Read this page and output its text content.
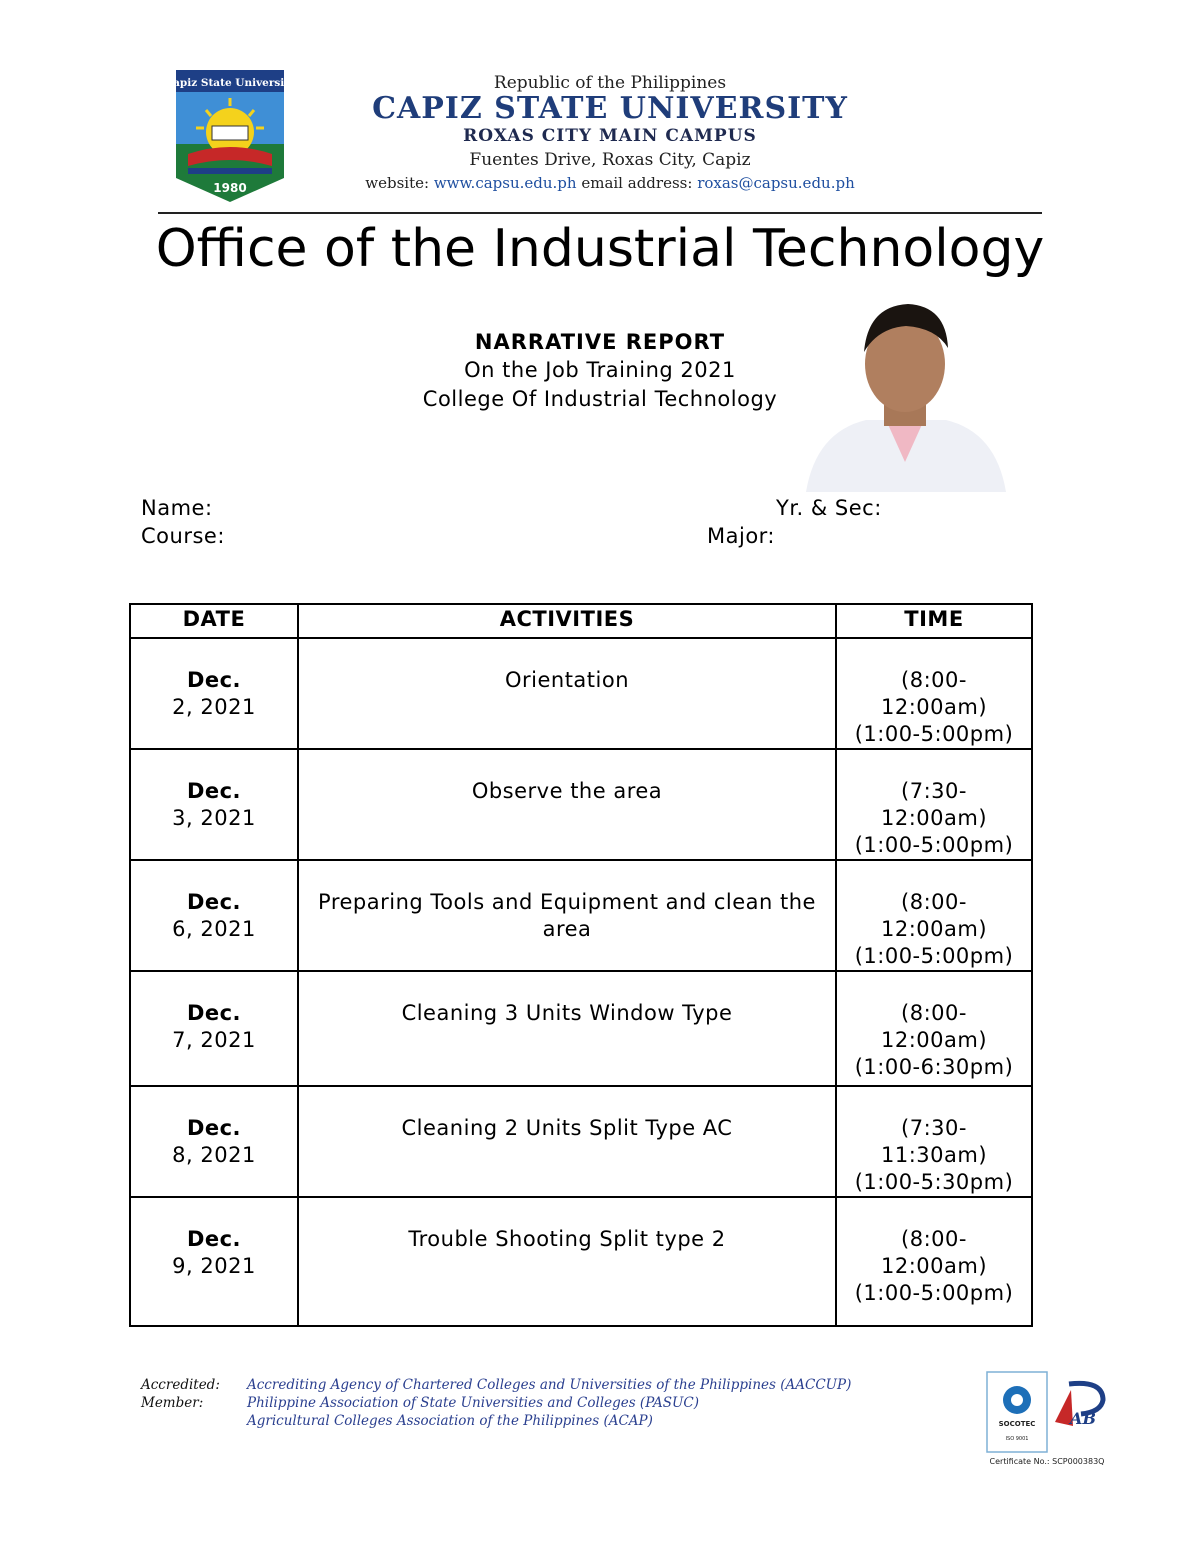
Capiz State University
1980
Republic of the Philippines
CAPIZ STATE UNIVERSITY
ROXAS CITY MAIN CAMPUS
Fuentes Drive, Roxas City, Capiz
website: www.capsu.edu.ph email address: roxas@capsu.edu.ph
Office of the Industrial Technology
NARRATIVE REPORT
On the Job Training 2021
College Of Industrial Technology
Name:	Yr. & Sec:
Course:	Major:
DATE	ACTIVITIES	TIME

Dec.
2, 2021	Orientation	(8:00-
12:00am)
(1:00-5:00pm)

Dec.
3, 2021	Observe the area	(7:30-
12:00am)
(1:00-5:00pm)

Dec.
6, 2021	Preparing Tools and Equipment and clean the area	(8:00-
12:00am)
(1:00-5:00pm)

Dec.
7, 2021	Cleaning 3 Units Window Type	(8:00-
12:00am)
(1:00-6:30pm)

Dec.
8, 2021	Cleaning 2 Units Split Type AC	(7:30-
11:30am)
(1:00-5:30pm)

Dec.
9, 2021	Trouble Shooting Split type 2	(8:00-
12:00am)
(1:00-5:00pm)
Accredited:
Member:
Accrediting Agency of Chartered Colleges and Universities of the Philippines (AACCUP)
Philippine Association of State Universities and Colleges (PASUC)
Agricultural Colleges Association of the Philippines (ACAP)	SOCOTEC
ISO 9001
AB
Certificate No.: SCP000383Q
